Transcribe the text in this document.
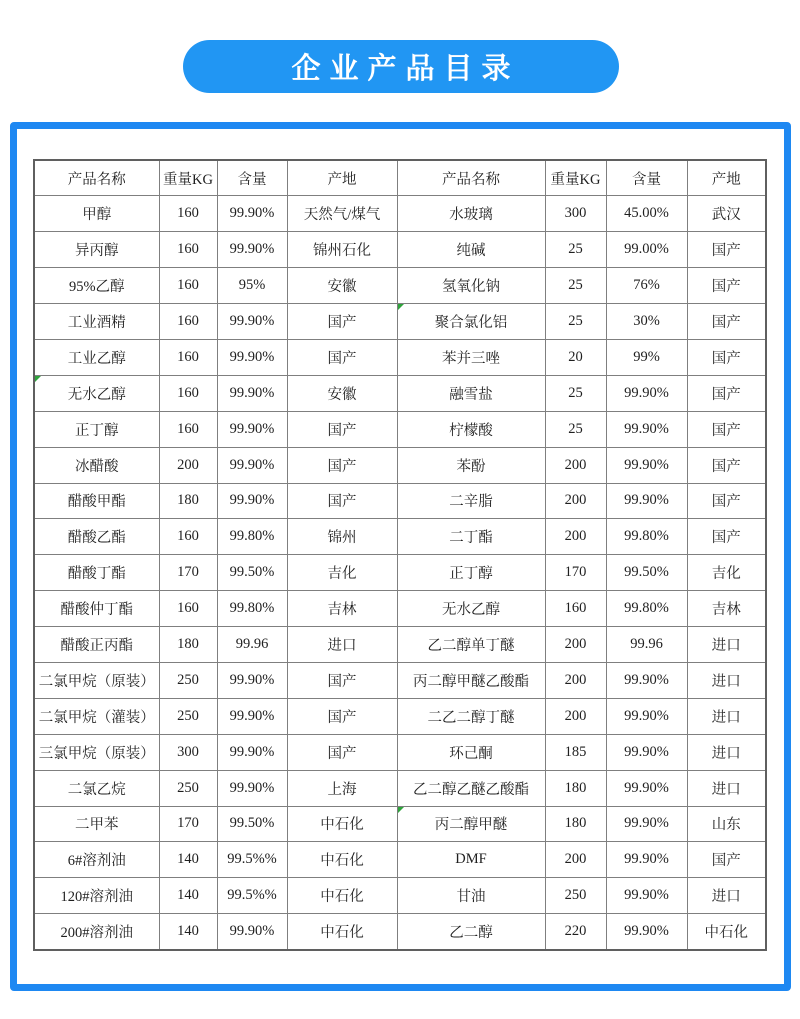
企业产品目录
产品名称	重量KG	含量	产地	产品名称	重量KG	含量	产地
甲醇	160	99.90%	天然气/煤气	水玻璃	300	45.00%	武汉
异丙醇	160	99.90%	锦州石化	纯碱	25	99.00%	国产
95%乙醇	160	95%	安徽	氢氧化钠	25	76%	国产
工业酒精	160	99.90%	国产	聚合氯化铝	25	30%	国产
工业乙醇	160	99.90%	国产	苯并三唑	20	99%	国产
无水乙醇	160	99.90%	安徽	融雪盐	25	99.90%	国产
正丁醇	160	99.90%	国产	柠檬酸	25	99.90%	国产
冰醋酸	200	99.90%	国产	苯酚	200	99.90%	国产
醋酸甲酯	180	99.90%	国产	二辛脂	200	99.90%	国产
醋酸乙酯	160	99.80%	锦州	二丁酯	200	99.80%	国产
醋酸丁酯	170	99.50%	吉化	正丁醇	170	99.50%	吉化
醋酸仲丁酯	160	99.80%	吉林	无水乙醇	160	99.80%	吉林
醋酸正丙酯	180	99.96	进口	乙二醇单丁醚	200	99.96	进口
二氯甲烷（原装）	250	99.90%	国产	丙二醇甲醚乙酸酯	200	99.90%	进口
二氯甲烷（灌装）	250	99.90%	国产	二乙二醇丁醚	200	99.90%	进口
三氯甲烷（原装）	300	99.90%	国产	环己酮	185	99.90%	进口
二氯乙烷	250	99.90%	上海	乙二醇乙醚乙酸酯	180	99.90%	进口
二甲苯	170	99.50%	中石化	丙二醇甲醚	180	99.90%	山东
6#溶剂油	140	99.5%%	中石化	DMF	200	99.90%	国产
120#溶剂油	140	99.5%%	中石化	甘油	250	99.90%	进口
200#溶剂油	140	99.90%	中石化	乙二醇	220	99.90%	中石化
